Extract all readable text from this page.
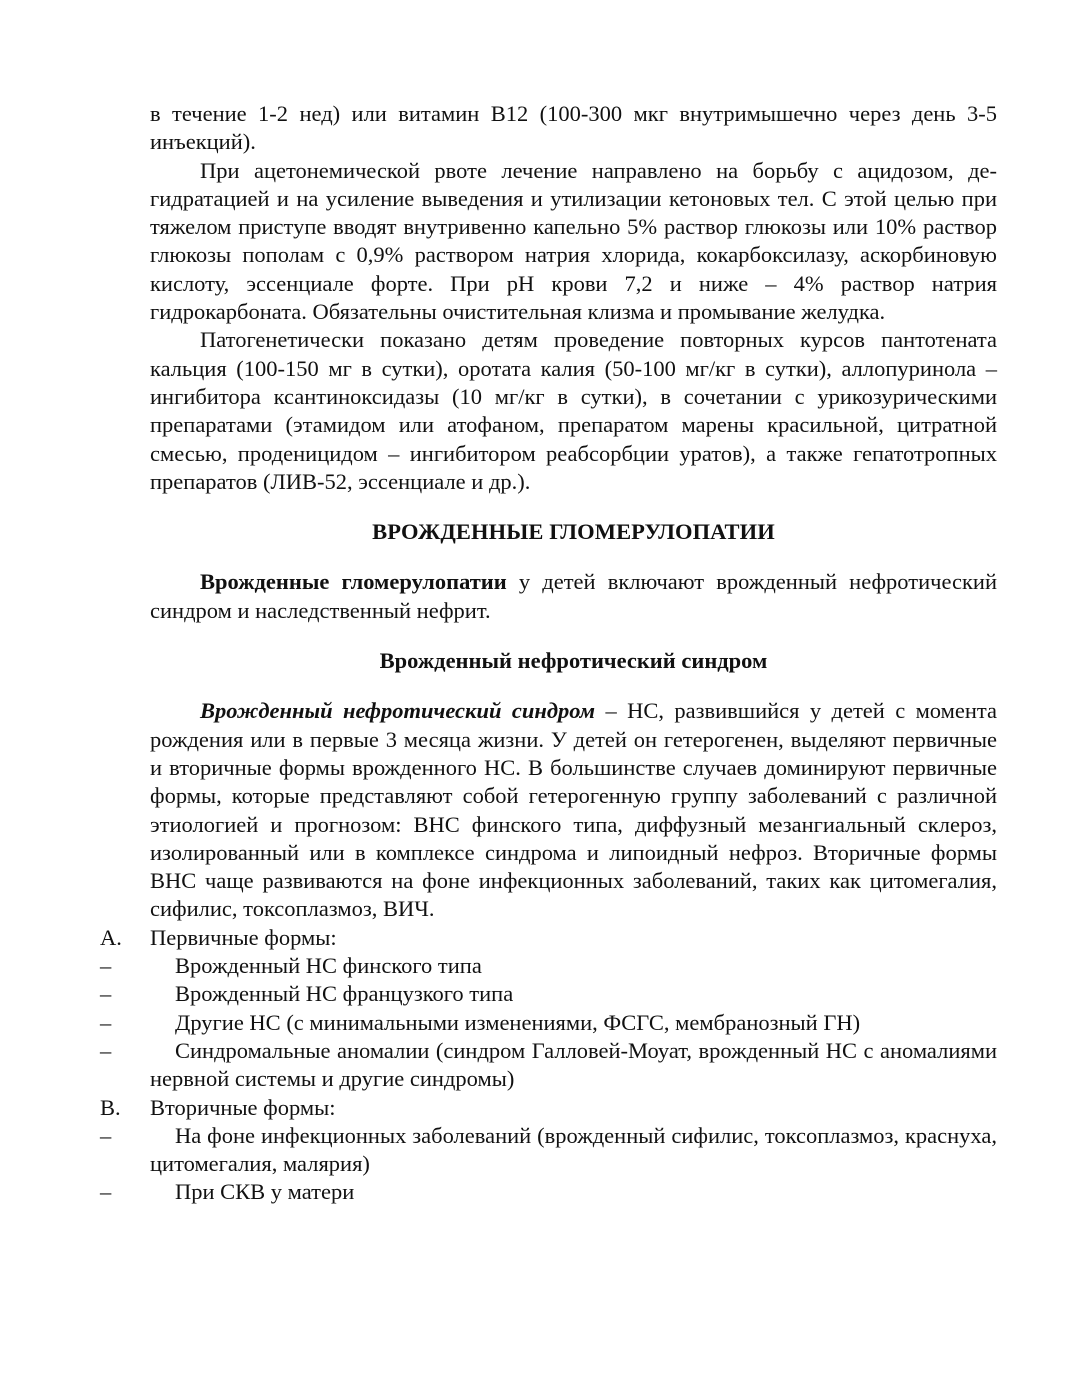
в течение 1-2 нед) или витамин В12 (100-300 мкг внутримышечно через день 3-5 инъекций).

При ацетонемической рвоте лечение направлено на борьбу с ацидозом, де-гидратацией и на усиление выведения и утилизации кетоновых тел. С этой целью при тяжелом приступе вводят внутривенно капельно 5% раствор глюкозы или 10% раствор глюкозы пополам с 0,9% раствором натрия хлорида, кокарбоксилазу, аскорбиновую кислоту, эссенциале форте. При рН крови 7,2 и ниже – 4% раствор натрия гидрокарбоната. Обязательны очистительная клизма и промывание желудка.

Патогенетически показано детям проведение повторных курсов пантотената кальция (100-150 мг в сутки), оротата калия (50-100 мг/кг в сутки), аллопуринола – ингибитора ксантиноксидазы (10 мг/кг в сутки), в сочетании с урикозурическими препаратами (этамидом или атофаном, препаратом марены красильной, цитратной смесью, проденицидом – ингибитором реабсорбции уратов), а также гепатотропных препаратов (ЛИВ-52, эссенциале и др.).

ВРОЖДЕННЫЕ ГЛОМЕРУЛОПАТИИ

Врожденные гломерулопатии у детей включают врожденный нефротический синдром и наследственный нефрит.

Врожденный нефротический синдром

Врожденный нефротический синдром – НС, развившийся у детей с момента рождения или в первые 3 месяца жизни. У детей он гетерогенен, выделяют первичные и вторичные формы врожденного НС. В большинстве случаев доминируют первичные формы, которые представляют собой гетерогенную группу заболеваний с различной этиологией и прогнозом: ВНС финского типа, диффузный мезангиальный склероз, изолированный или в комплексе синдрома и липоидный нефроз. Вторичные формы ВНС чаще развиваются на фоне инфекционных заболеваний, таких как цитомегалия, сифилис, токсоплазмоз, ВИЧ.

A. Первичные формы:
–	Врожденный НС финского типа
–	Врожденный НС французкого типа
–	Другие НС (с минимальными изменениями, ФСГС, мембранозный ГН)
–	Синдромальные аномалии (синдром Галловей-Моуат, врожденный НС с аномалиями нервной системы и другие синдромы)
B. Вторичные формы:
–	На фоне инфекционных заболеваний (врожденный сифилис, токсоплазмоз, краснуха, цитомегалия, малярия)
–	При СКВ у матери
